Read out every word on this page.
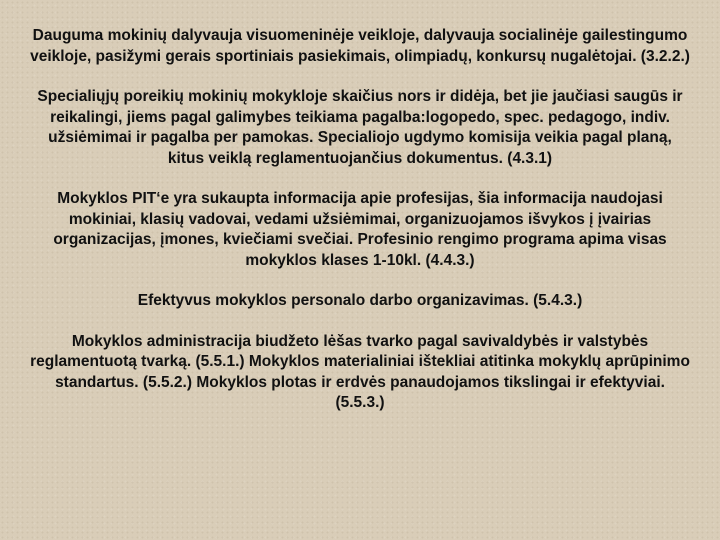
Dauguma mokinių dalyvauja visuomeninėje veikloje, dalyvauja socialinėje gailestingumo veikloje, pasižymi gerais sportiniais pasiekimais, olimpiadų, konkursų nugalėtojai. (3.2.2.)

Specialiųjų poreikių mokinių mokykloje skaičius nors ir didėja, bet jie jaučiasi saugūs ir reikalingi, jiems pagal galimybes teikiama pagalba:logopedo, spec. pedagogo, indiv. užsiėmimai ir pagalba per pamokas. Specialiojo ugdymo komisija veikia pagal planą, kitus veiklą reglamentuojančius dokumentus. (4.3.1)

Mokyklos PIT‘e yra sukaupta informacija apie profesijas, šia informacija naudojasi mokiniai, klasių vadovai, vedami užsiėmimai, organizuojamos išvykos į įvairias organizacijas, įmones, kviečiami svečiai. Profesinio rengimo programa apima visas mokyklos klases 1-10kl. (4.4.3.)

Efektyvus mokyklos personalo darbo organizavimas. (5.4.3.)

Mokyklos administracija biudžeto lėšas tvarko pagal savivaldybės ir valstybės reglamentuotą tvarką. (5.5.1.) Mokyklos materialiniai ištekliai atitinka mokyklų aprūpinimo standartus. (5.5.2.) Mokyklos plotas ir erdvės panaudojamos tikslingai ir efektyviai. (5.5.3.)
